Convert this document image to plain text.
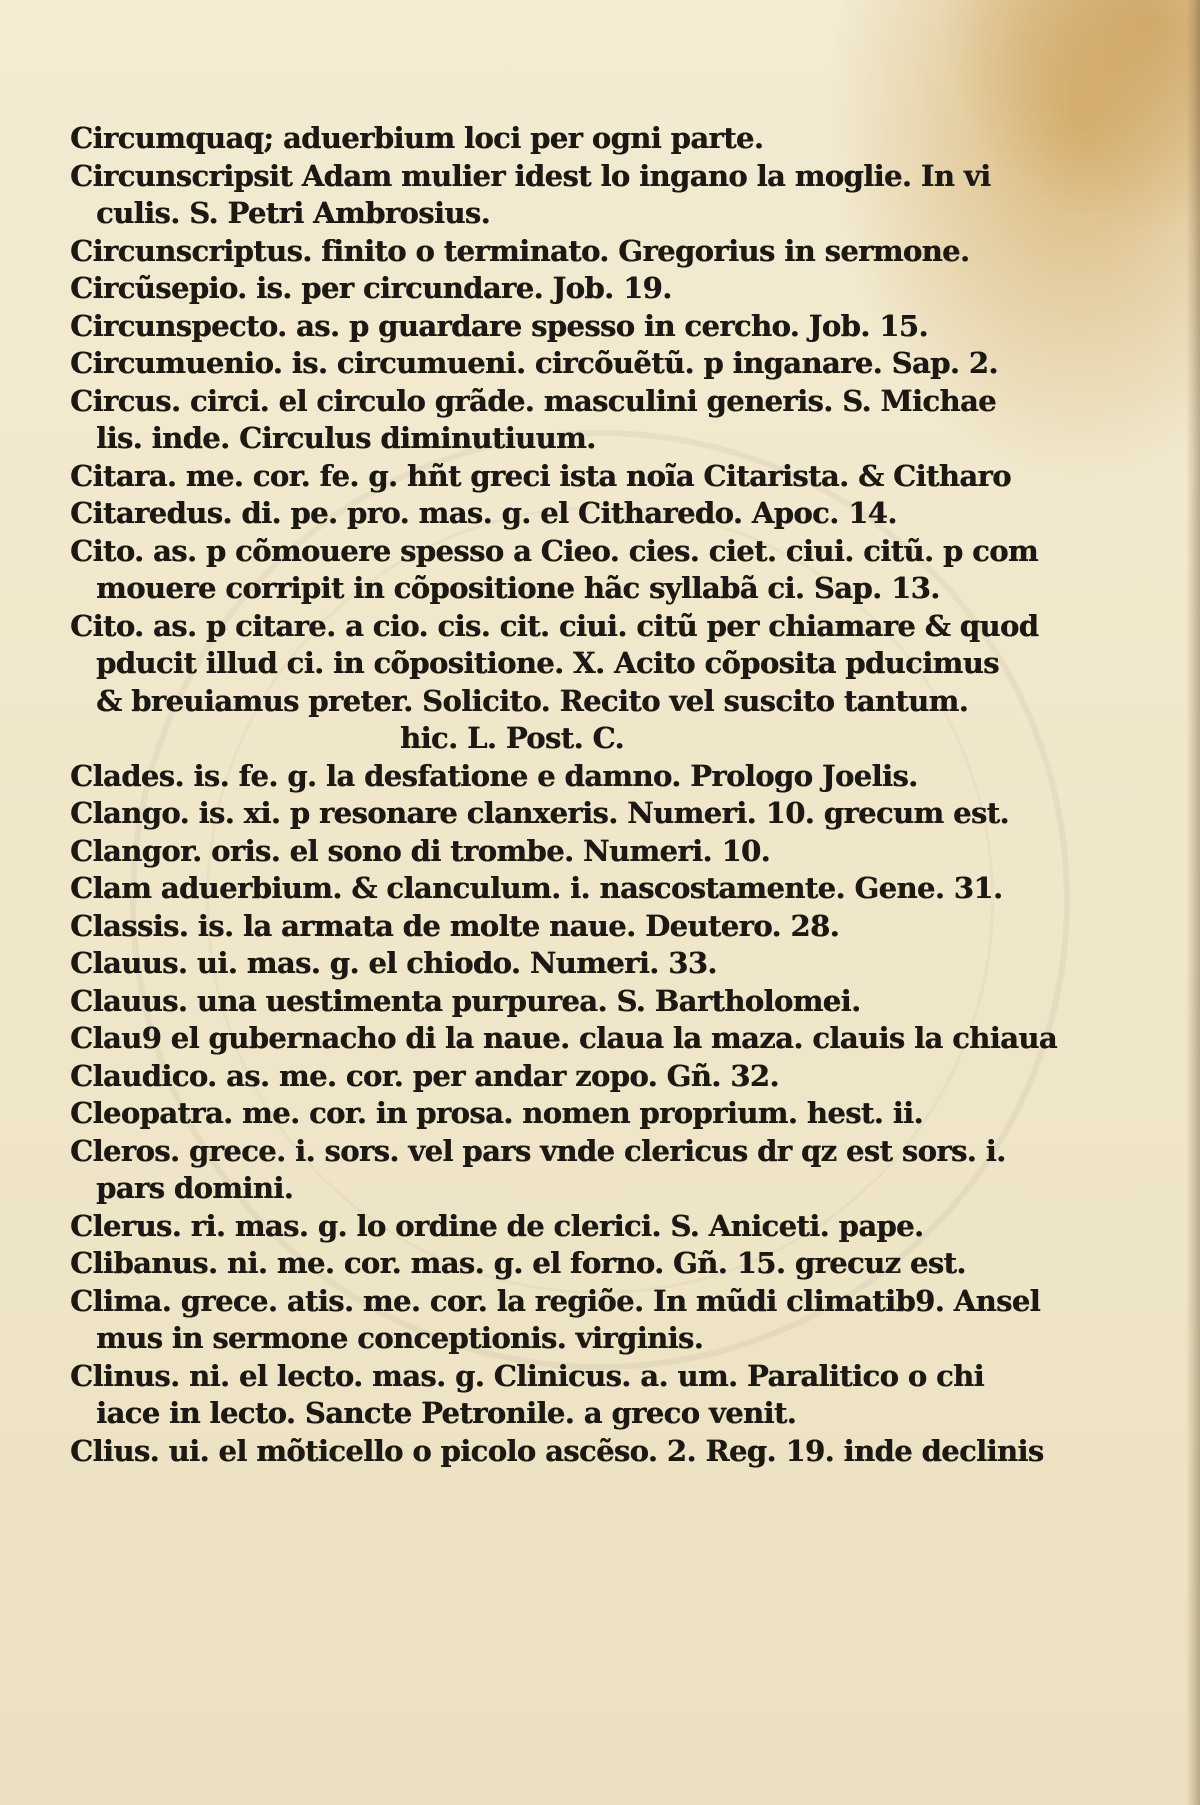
Circumquaq; aduerbium loci per ogni parte.
Circunscripsit Adam mulier idest lo ingano la moglie. In vi
culis. S. Petri Ambrosius.
Circunscriptus. finito o terminato. Gregorius in sermone.
Circũsepio. is. per circundare. Job. 19.
Circunspecto. as. p guardare spesso in cercho. Job. 15.
Circumuenio. is. circumueni. circõuẽtũ. p inganare. Sap. 2.
Circus. circi. el circulo grãde. masculini generis. S. Michae
lis. inde. Circulus diminutiuum.
Citara. me. cor. fe. g. hñt greci ista noĩa Citarista. & Citharo
Citaredus. di. pe. pro. mas. g. el Citharedo. Apoc. 14.
Cito. as. p cõmouere spesso a Cieo. cies. ciet. ciui. citũ. p com
mouere corripit in cõpositione hãc syllabã ci. Sap. 13.
Cito. as. p citare. a cio. cis. cit. ciui. citũ per chiamare & quod
pducit illud ci. in cõpositione. X. Acito cõposita pducimus
& breuiamus preter. Solicito. Recito vel suscito tantum.
hic. L. Post. C.
Clades. is. fe. g. la desfatione e damno. Prologo Joelis.
Clango. is. xi. p resonare clanxeris. Numeri. 10. grecum est.
Clangor. oris. el sono di trombe. Numeri. 10.
Clam aduerbium. & clanculum. i. nascostamente. Gene. 31.
Classis. is. la armata de molte naue. Deutero. 28.
Clauus. ui. mas. g. el chiodo. Numeri. 33.
Clauus. una uestimenta purpurea. S. Bartholomei.
Clau9 el gubernacho di la naue. claua la maza. clauis la chiaua
Claudico. as. me. cor. per andar zopo. Gñ. 32.
Cleopatra. me. cor. in prosa. nomen proprium. hest. ii.
Cleros. grece. i. sors. vel pars vnde clericus dr qz est sors. i.
pars domini.
Clerus. ri. mas. g. lo ordine de clerici. S. Aniceti. pape.
Clibanus. ni. me. cor. mas. g. el forno. Gñ. 15. grecuz est.
Clima. grece. atis. me. cor. la regiõe. In mũdi climatib9. Ansel
mus in sermone conceptionis. virginis.
Clinus. ni. el lecto. mas. g. Clinicus. a. um. Paralitico o chi
iace in lecto. Sancte Petronile. a greco venit.
Clius. ui. el mõticello o picolo ascẽso. 2. Reg. 19. inde declinis
